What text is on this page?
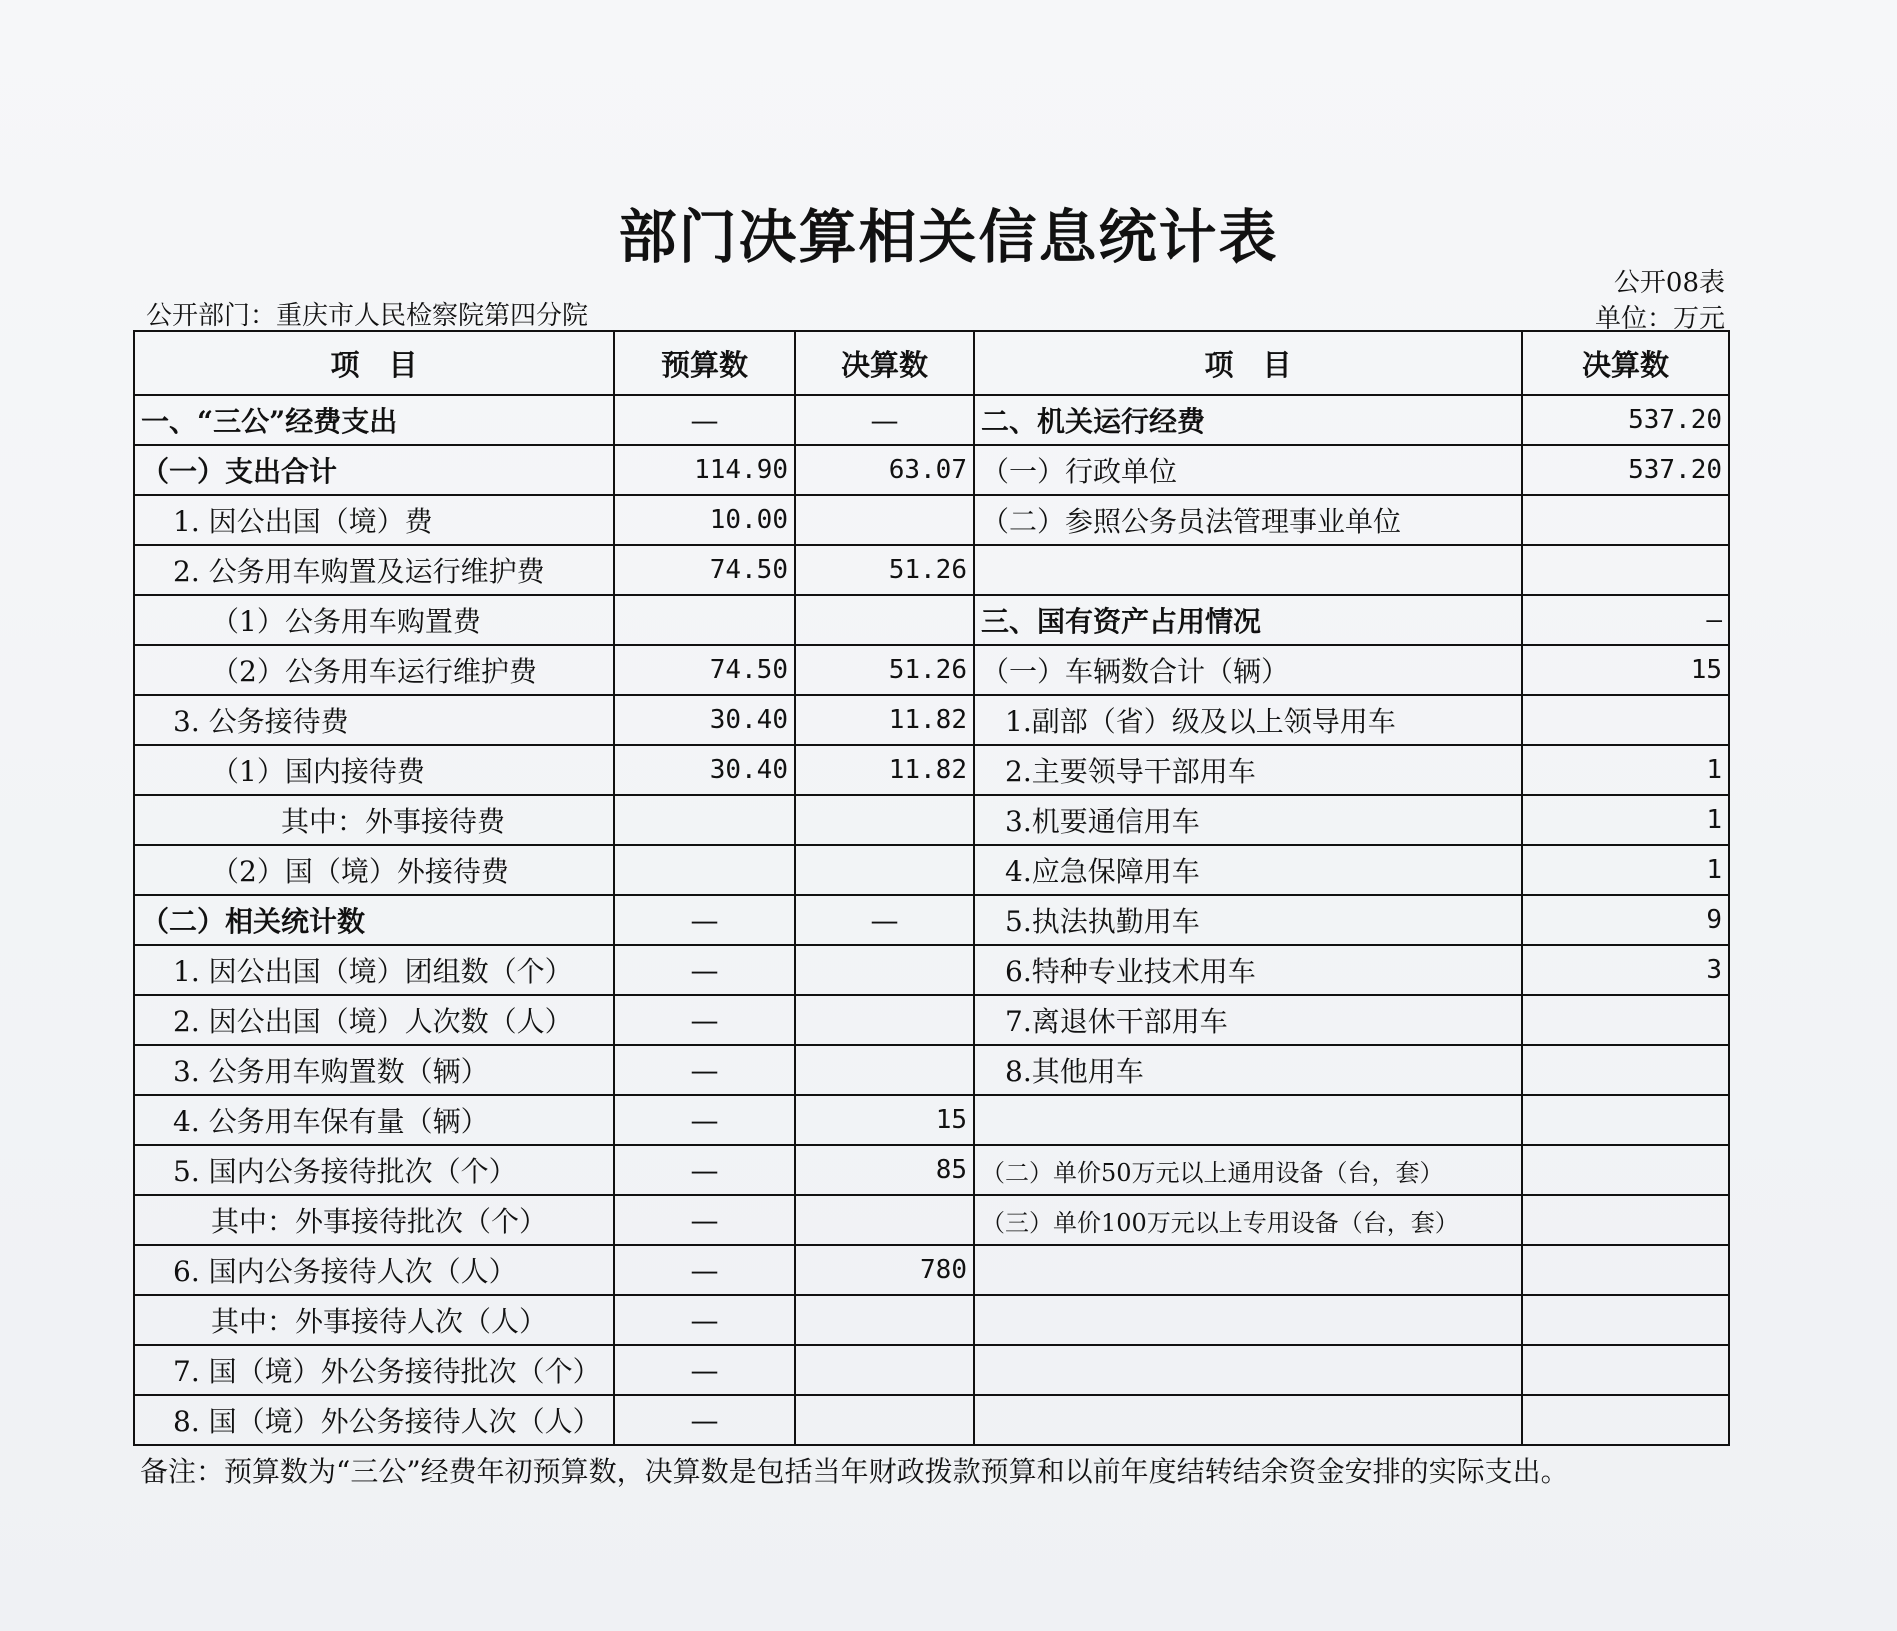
部门决算相关信息统计表
公开08表
公开部门：重庆市人民检察院第四分院	单位：万元
项　目	预算数	决算数	项　目	决算数
一、“三公”经费支出	—	—	二、机关运行经费	537.20
（一）支出合计	114.90	63.07	（一）行政单位	537.20
1. 因公出国（境）费	10.00		（二）参照公务员法管理事业单位	
2. 公务用车购置及运行维护费	74.50	51.26		
（1）公务用车购置费			三、国有资产占用情况	—
（2）公务用车运行维护费	74.50	51.26	（一）车辆数合计（辆）	15
3. 公务接待费	30.40	11.82	1.副部（省）级及以上领导用车	
（1）国内接待费	30.40	11.82	2.主要领导干部用车	1
其中：外事接待费			3.机要通信用车	1
（2）国（境）外接待费			4.应急保障用车	1
（二）相关统计数	—	—	5.执法执勤用车	9
1. 因公出国（境）团组数（个）	—		6.特种专业技术用车	3
2. 因公出国（境）人次数（人）	—		7.离退休干部用车	
3. 公务用车购置数（辆）	—		8.其他用车	
4. 公务用车保有量（辆）	—	15		
5. 国内公务接待批次（个）	—	85	（二）单价50万元以上通用设备（台，套）	
其中：外事接待批次（个）	—		（三）单价100万元以上专用设备（台，套）	
6. 国内公务接待人次（人）	—	780		
其中：外事接待人次（人）	—			
7. 国（境）外公务接待批次（个）	—			
8. 国（境）外公务接待人次（人）	—			
备注：预算数为“三公”经费年初预算数，决算数是包括当年财政拨款预算和以前年度结转结余资金安排的实际支出。
